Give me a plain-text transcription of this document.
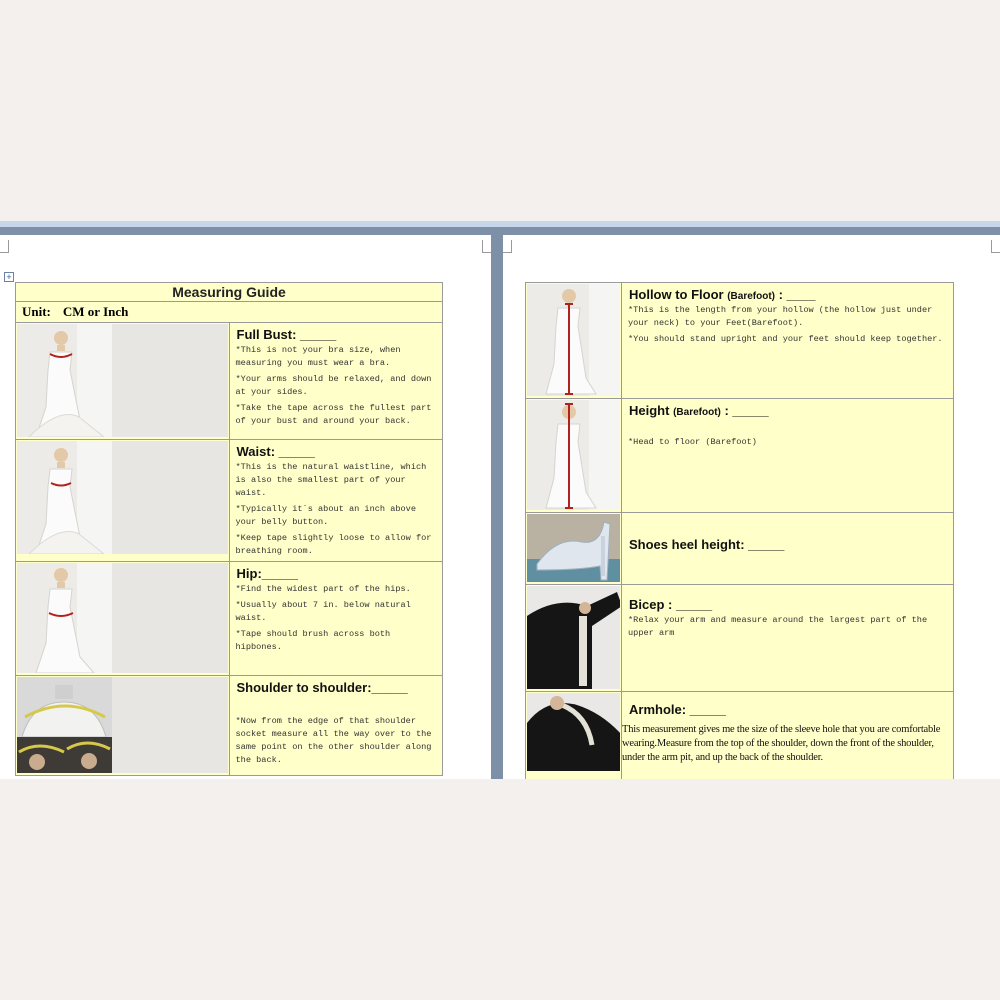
+
Measuring Guide	

Unit: CM or Inch	

Full Bust: _____
*This is not your bra size, when measuring you must wear a bra.
*Your arms should be relaxed, and down at your sides.
*Take the tape across the fullest part of your bust and around your back.

Waist: _____
*This is the natural waistline, which is also the smallest part of your waist.
*Typically it´s about an inch above your belly button.
*Keep tape slightly loose to allow for breathing room.

Hip:_____
*Find the widest part of the hips.
*Usually about 7 in. below natural waist.
*Tape should brush across both hipbones.

Shoulder to shoulder:_____
*Now from the edge of that shoulder socket measure all the way over to the same point on the other shoulder along the back.

Hollow to Floor (Barefoot) : ____
*This is the length from your hollow (the hollow just under your neck) to your Feet(Barefoot).
*You should stand upright and your feet should keep together.

Height (Barefoot) : _____
*Head to floor (Barefoot)

Shoes heel height: _____

Bicep : _____
*Relax your arm and measure around the largest part of the upper arm

Armhole: _____
This measurement gives me the size of the sleeve hole that you are comfortable wearing.Measure from the top of the shoulder, down the front of the shoulder, under the arm pit, and up the back of the shoulder.
